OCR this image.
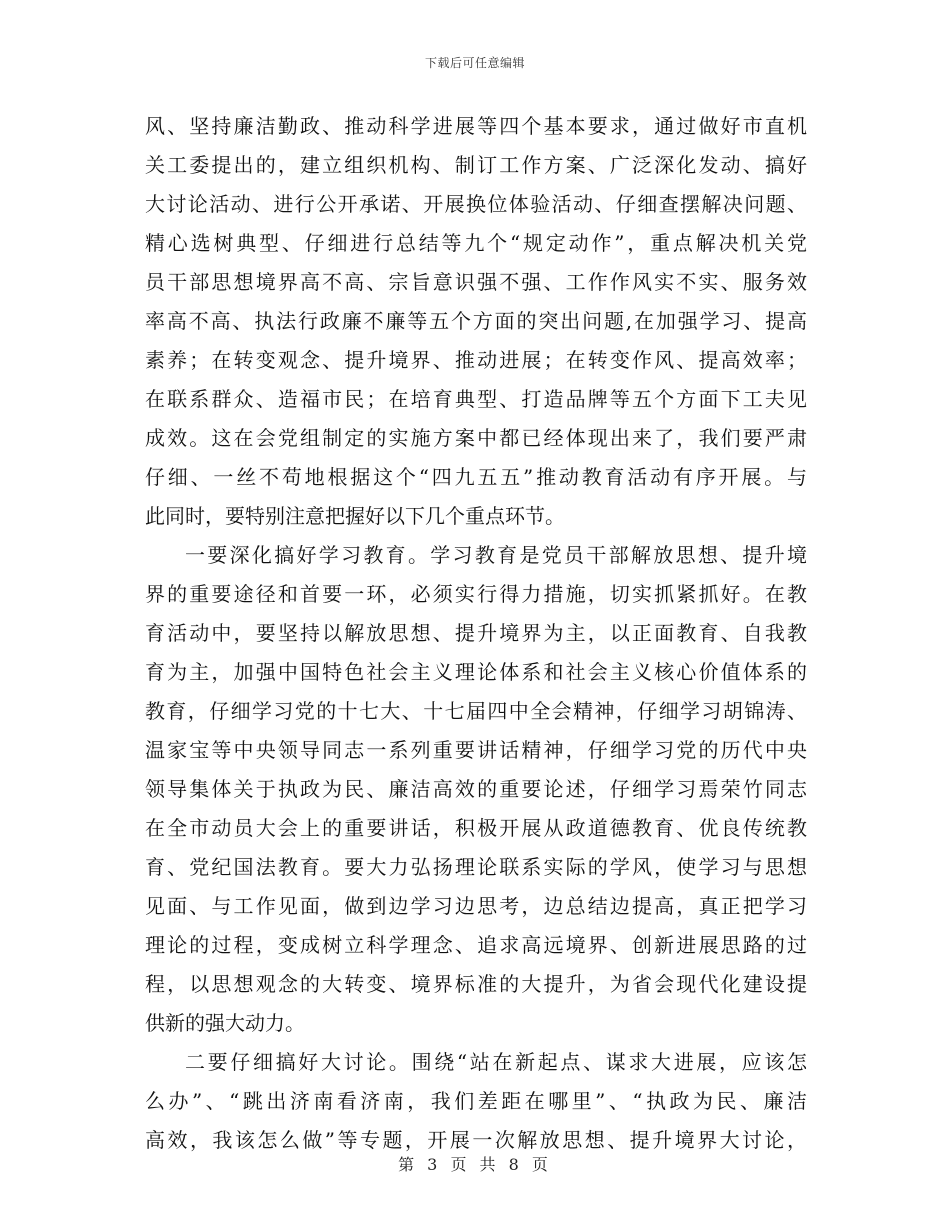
下载后可任意编辑
风、坚持廉洁勤政、推动科学进展等四个基本要求，通过做好市直机
关工委提出的，建立组织机构、制订工作方案、广泛深化发动、搞好
大讨论活动、进行公开承诺、开展换位体验活动、仔细查摆解决问题、
精心选树典型、仔细进行总结等九个“规定动作”，重点解决机关党
员干部思想境界高不高、宗旨意识强不强、工作作风实不实、服务效
率高不高、执法行政廉不廉等五个方面的突出问题,在加强学习、提高
素养；在转变观念、提升境界、推动进展；在转变作风、提高效率；
在联系群众、造福市民；在培育典型、打造品牌等五个方面下工夫见
成效。这在会党组制定的实施方案中都已经体现出来了，我们要严肃
仔细、一丝不苟地根据这个“四九五五”推动教育活动有序开展。与
此同时，要特别注意把握好以下几个重点环节。
一要深化搞好学习教育。学习教育是党员干部解放思想、提升境
界的重要途径和首要一环，必须实行得力措施，切实抓紧抓好。在教
育活动中，要坚持以解放思想、提升境界为主，以正面教育、自我教
育为主，加强中国特色社会主义理论体系和社会主义核心价值体系的
教育，仔细学习党的十七大、十七届四中全会精神，仔细学习胡锦涛、
温家宝等中央领导同志一系列重要讲话精神，仔细学习党的历代中央
领导集体关于执政为民、廉洁高效的重要论述，仔细学习焉荣竹同志
在全市动员大会上的重要讲话，积极开展从政道德教育、优良传统教
育、党纪国法教育。要大力弘扬理论联系实际的学风，使学习与思想
见面、与工作见面，做到边学习边思考，边总结边提高，真正把学习
理论的过程，变成树立科学理念、追求高远境界、创新进展思路的过
程，以思想观念的大转变、境界标准的大提升，为省会现代化建设提
供新的强大动力。
二要仔细搞好大讨论。围绕“站在新起点、谋求大进展，应该怎
么办”、“跳出济南看济南，我们差距在哪里”、“执政为民、廉洁
高效，我该怎么做”等专题，开展一次解放思想、提升境界大讨论，
第 3 页 共 8 页
